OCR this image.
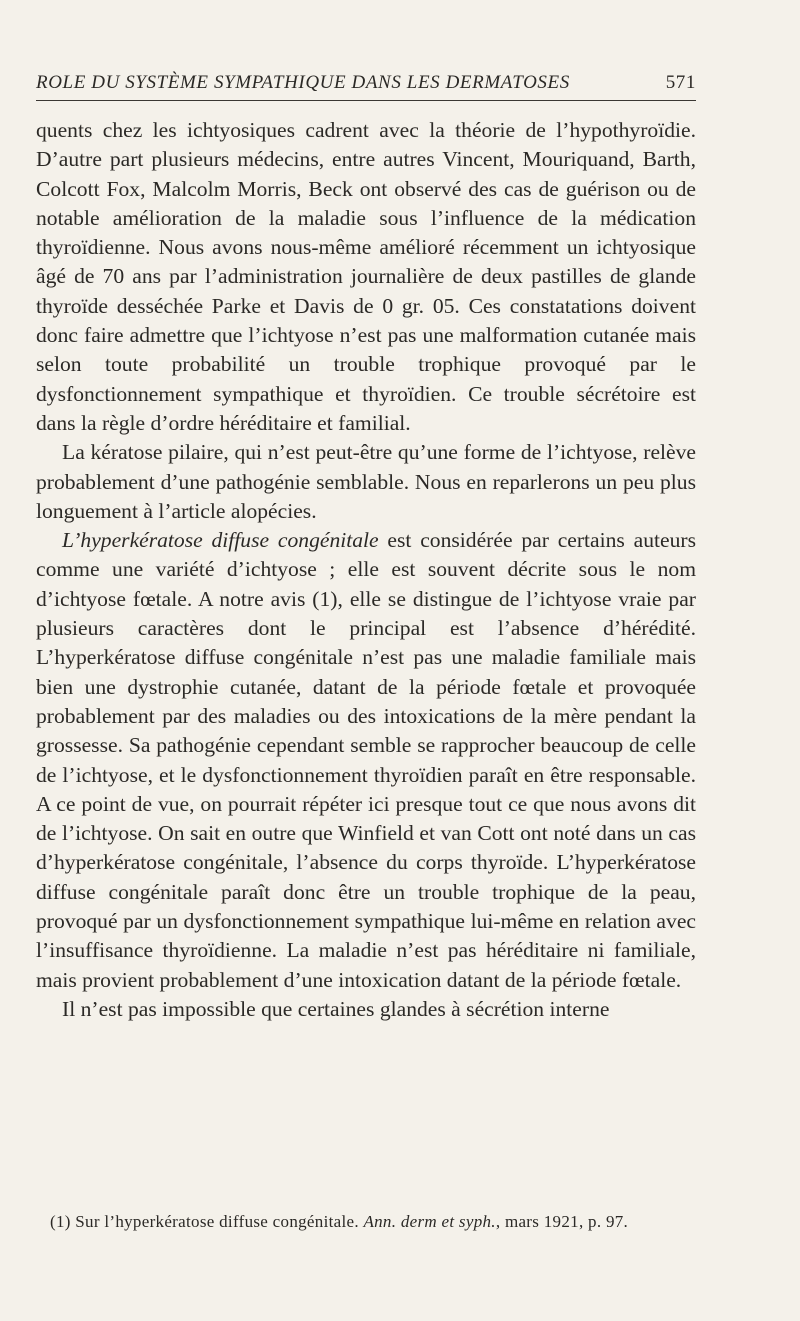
ROLE DU SYSTÈME SYMPATHIQUE DANS LES DERMATOSES	571

quents chez les ichtyosiques cadrent avec la théorie de l’hypothyroïdie. D’autre part plusieurs médecins, entre autres Vincent, Mouriquand, Barth, Colcott Fox, Malcolm Morris, Beck ont observé des cas de guérison ou de notable amélioration de la maladie sous l’influence de la médication thyroïdienne. Nous avons nous-même amélioré récemment un ichtyosique âgé de 70 ans par l’administration journalière de deux pastilles de glande thyroïde desséchée Parke et Davis de 0 gr. 05. Ces constatations doivent donc faire admettre que l’ichtyose n’est pas une malformation cutanée mais selon toute probabilité un trouble trophique provoqué par le dysfonctionnement sympathique et thyroïdien. Ce trouble sécrétoire est dans la règle d’ordre héréditaire et familial.

La kératose pilaire, qui n’est peut-être qu’une forme de l’ichtyose, relève probablement d’une pathogénie semblable. Nous en reparlerons un peu plus longuement à l’article alopécies.

L’hyperkératose diffuse congénitale est considérée par certains auteurs comme une variété d’ichtyose ; elle est souvent décrite sous le nom d’ichtyose fœtale. A notre avis (1), elle se distingue de l’ichtyose vraie par plusieurs caractères dont le principal est l’absence d’hérédité. L’hyperkératose diffuse congénitale n’est pas une maladie familiale mais bien une dystrophie cutanée, datant de la période fœtale et provoquée probablement par des maladies ou des intoxications de la mère pendant la grossesse. Sa pathogénie cependant semble se rapprocher beaucoup de celle de l’ichtyose, et le dysfonctionnement thyroïdien paraît en être responsable. A ce point de vue, on pourrait répéter ici presque tout ce que nous avons dit de l’ichtyose. On sait en outre que Winfield et van Cott ont noté dans un cas d’hyperkératose congénitale, l’absence du corps thyroïde. L’hyperkératose diffuse congénitale paraît donc être un trouble trophique de la peau, provoqué par un dysfonctionnement sympathique lui-même en relation avec l’insuffisance thyroïdienne. La maladie n’est pas héréditaire ni familiale, mais provient probablement d’une intoxication datant de la période fœtale.

Il n’est pas impossible que certaines glandes à sécrétion interne

(1) Sur l’hyperkératose diffuse congénitale. Ann. derm et syph., mars 1921, p. 97.
